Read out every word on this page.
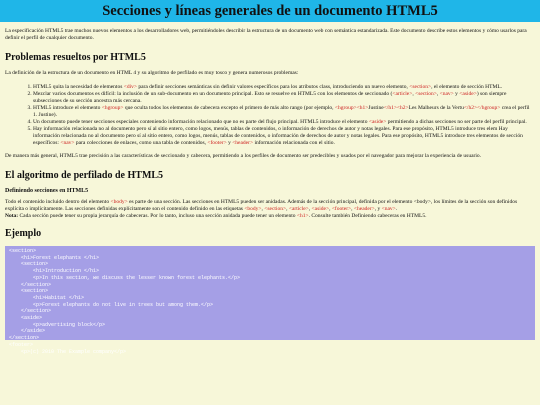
Secciones y líneas generales de un documento HTML5

La especificación HTML5 trae muchos nuevos elementos a los desarrolladores web, permitiéndoles describir la estructura de un documento web con semántica estandarizada. Este documento describe estos elementos y cómo usarlos para definir el perfil de cualquier documento.

Problemas resueltos por HTML5

La definición de la estructura de un documento en HTML 4 y su algoritmo de perfilado es muy tosco y genera numerosos problemas:

1. HTML5 quita la necesidad de elementos <div> para definir secciones semánticas sin definir valores específicos para los atributos class, introduciendo un nuevo elemento, <section>, el elemento de sección HTML.
2. Mezclar varios documentos es difícil: la inclusión de un sub-documento en un documento principal. Esto se resuelve en HTML5 con los elementos de seccionado (<article>, <section>, <nav> y <aside>) son siempre subsecciones de su sección ancestra más cercana.
3. HTML5 introduce el elemento <hgroup> que oculta todos los elementos de cabecera excepto el primero de más alto rango (por ejemplo, <hgroup><h1>Justine</h1><h2>Les Malheurs de la Vertu</h2></hgroup> crea el perfil 1. Justine).
4. Un documento puede tener secciones especiales conteniendo información relacionado que no es parte del flujo principal. HTML5 introduce el elemento <aside> permitiendo a dichas secciones no ser parte del perfil principal.
5. Hay información relacionada no al documento pero sí al sitio entero, como logos, menús, tablas de contenidos, o información de derechos de autor y notas legales. Para ese propósito, HTML5 introduce tres elem Hay información relacionada no al documento pero sí al sitio entero, como logos, menús, tablas de contenidos, o información de derechos de autor y notas legales. Para ese propósito, HTML5 introduce tres elementos de sección específicos: <nav> para colecciones de enlaces, como una tabla de contenidos, <footer> y <header> información relacionada con el sitio.

De manera más general, HTML5 trae precisión a las características de seccionado y cabecera, permitiendo a los perfiles de documento ser predecibles y usados por el navegador para mejorar la experiencia de usuario.

El algoritmo de perfilado de HTML5
Definiendo secciones en HTML5

Todo el contenido incluido dentro del elemento <body> es parte de una sección. Las secciones en HTML5 pueden ser anidadas. Además de la sección principal, definida por el elemento <body>, los límites de la sección son definidos explícita o implícitamente. Las secciones definidas explícitamente son el contenido definido en las etiquetas <body>, <section>, <article>, <aside>, <footer>, <header>, y <nav>.
Nota: Cada sección puede tener su propia jerarquía de cabeceras. Por lo tanto, incluso una sección anidada puede tener un elemento <h1>. Consulte también Definiendo cabeceras en HTML5.

Ejemplo
<section>
<h1>Forest elephants </h1>
<section>
<h1>Introduction </h1>
<p>In this section, we discuss the lesser known forest elephants.</p>
</section>
<section>
<h1>Habitat </h1>
<p>Forest elephants do not live in trees but among them.</p>
</section>
<aside>
<p>advertising block</p>
</aside>
</section>
<footer>
<p>(c) 2010 The Example company</p>
